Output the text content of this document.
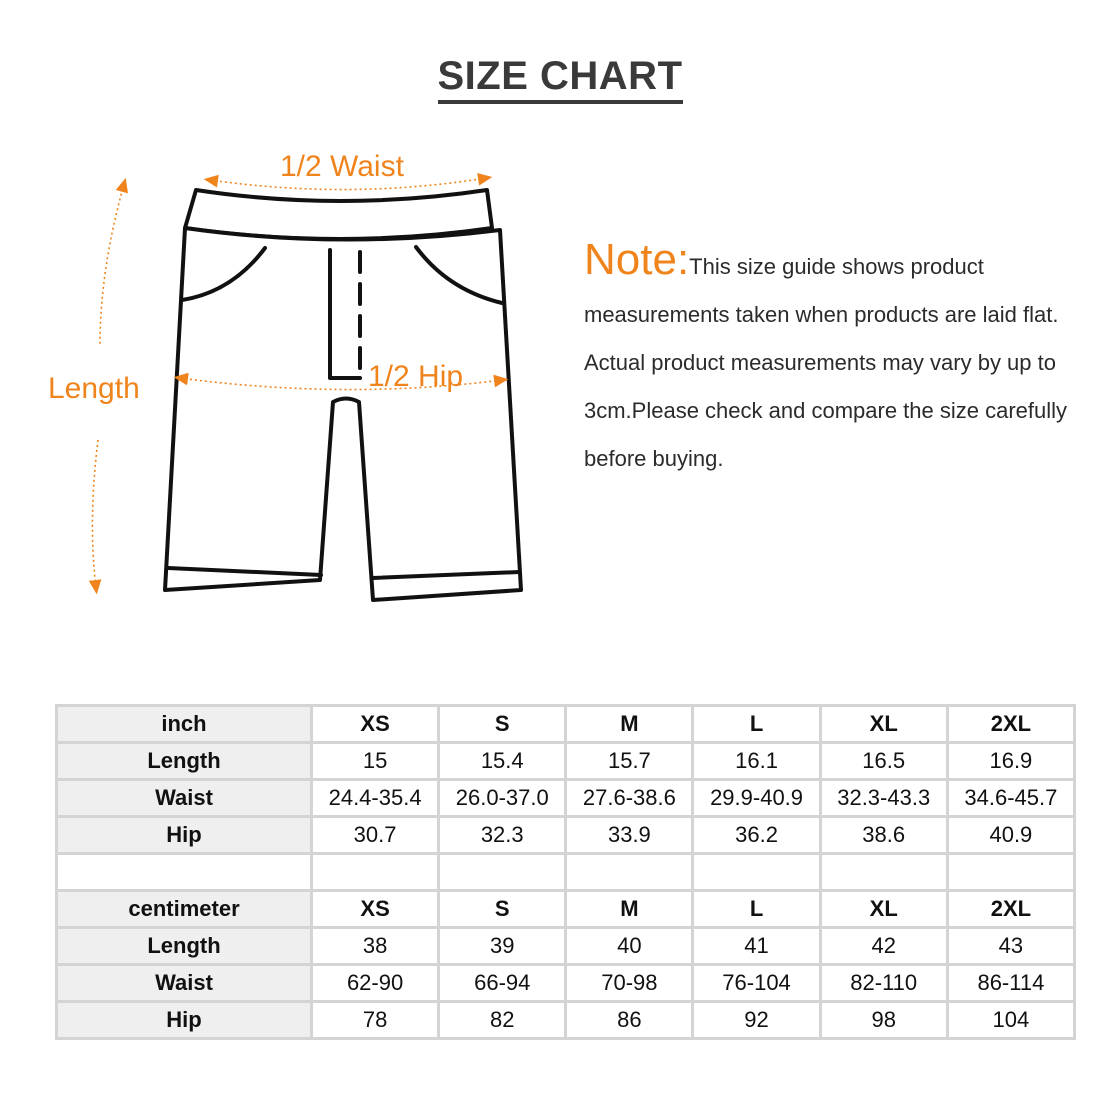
SIZE CHART
1/2 Waist
1/2 Hip
Length
Note:This size guide shows product measurements taken when products are laid flat. Actual product measurements may vary by up to 3cm.Please check and compare the size carefully before buying.
inch	XS	S	M	L	XL	2XL
Length	15	15.4	15.7	16.1	16.5	16.9
Waist	24.4-35.4	26.0-37.0	27.6-38.6	29.9-40.9	32.3-43.3	34.6-45.7
Hip	30.7	32.3	33.9	36.2	38.6	40.9

centimeter	XS	S	M	L	XL	2XL
Length	38	39	40	41	42	43
Waist	62-90	66-94	70-98	76-104	82-110	86-114
Hip	78	82	86	92	98	104
